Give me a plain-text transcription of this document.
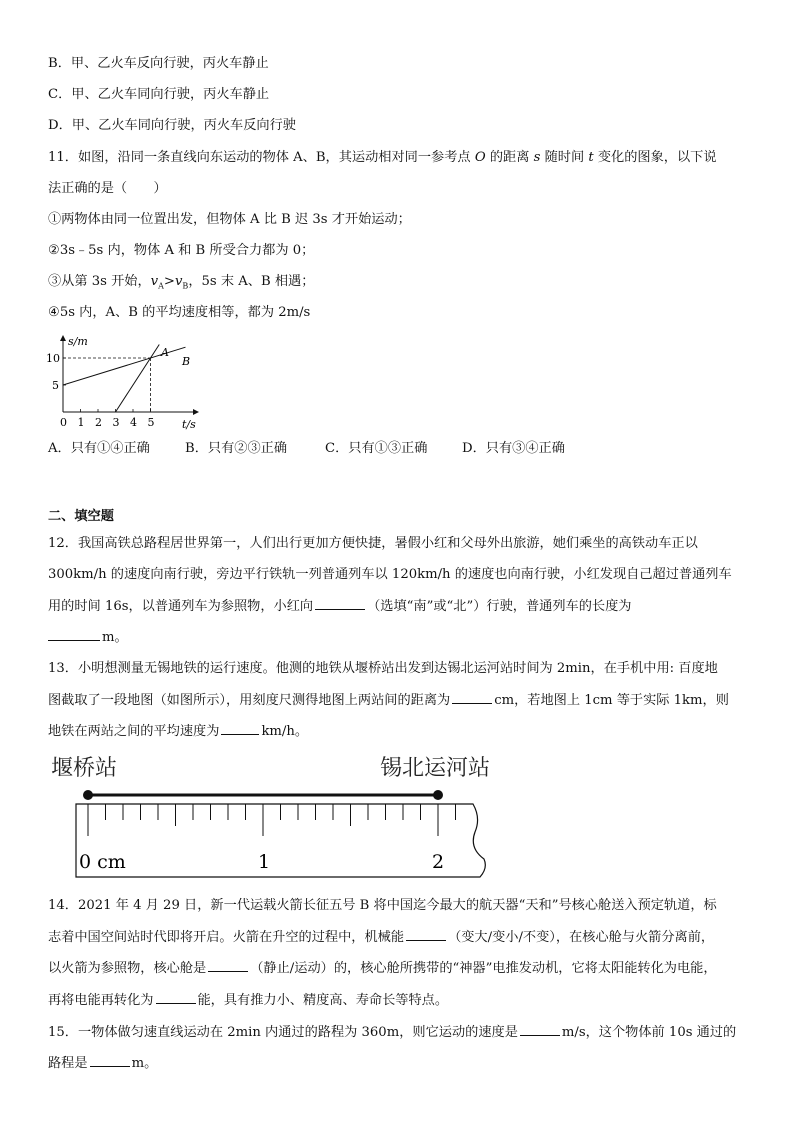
B．甲、乙火车反向行驶，丙火车静止
C．甲、乙火车同向行驶，丙火车静止
D．甲、乙火车同向行驶，丙火车反向行驶
11．如图，沿同一条直线向东运动的物体 A、B，其运动相对同一参考点 O 的距离 s 随时间 t 变化的图象，以下说
法正确的是（　　）
①两物体由同一位置出发，但物体 A 比 B 迟 3s 才开始运动；
②3s﹣5s 内，物体 A 和 B 所受合力都为 0；
③从第 3s 开始，$v_A>v_B$，5s 末 A、B 相遇；
④5s 内，A、B 的平均速度相等，都为 2m/s
s/m
t/s
0 1 2 3 4 5
5
10	A
B
A．只有①④正确	B．只有②③正确	C．只有①③正确	D．只有③④正确
二、填空题
12．我国高铁总路程居世界第一，人们出行更加方便快捷，暑假小红和父母外出旅游，她们乘坐的高铁动车正以
300km/h 的速度向南行驶，旁边平行铁轨一列普通列车以 120km/h 的速度也向南行驶，小红发现自己超过普通列车
用的时间 16s，以普通列车为参照物，小红向	（选填“南”或“北”）行驶，普通列车的长度为
m。
13．小明想测量无锡地铁的运行速度。他测的地铁从堰桥站出发到达锡北运河站时间为 2min，在手机中用: 百度地
图截取了一段地图（如图所示），用刻度尺测得地图上两站间的距离为	cm，若地图上 1cm 等于实际 1km，则
地铁在两站之间的平均速度为	km/h。
堰桥站	锡北运河站
0 cm	1	2
14．2021 年 4 月 29 日，新一代运载火箭长征五号 B 将中国迄今最大的航天器“天和”号核心舱送入预定轨道，标
志着中国空间站时代即将开启。火箭在升空的过程中，机械能	（变大/变小/不变），在核心舱与火箭分离前，
以火箭为参照物，核心舱是	（静止/运动）的，核心舱所携带的“神器”电推发动机，它将太阳能转化为电能，
再将电能再转化为	能，具有推力小、精度高、寿命长等特点。
15．一物体做匀速直线运动在 2min 内通过的路程为 360m，则它运动的速度是	m/s，这个物体前 10s 通过的
路程是	m。
